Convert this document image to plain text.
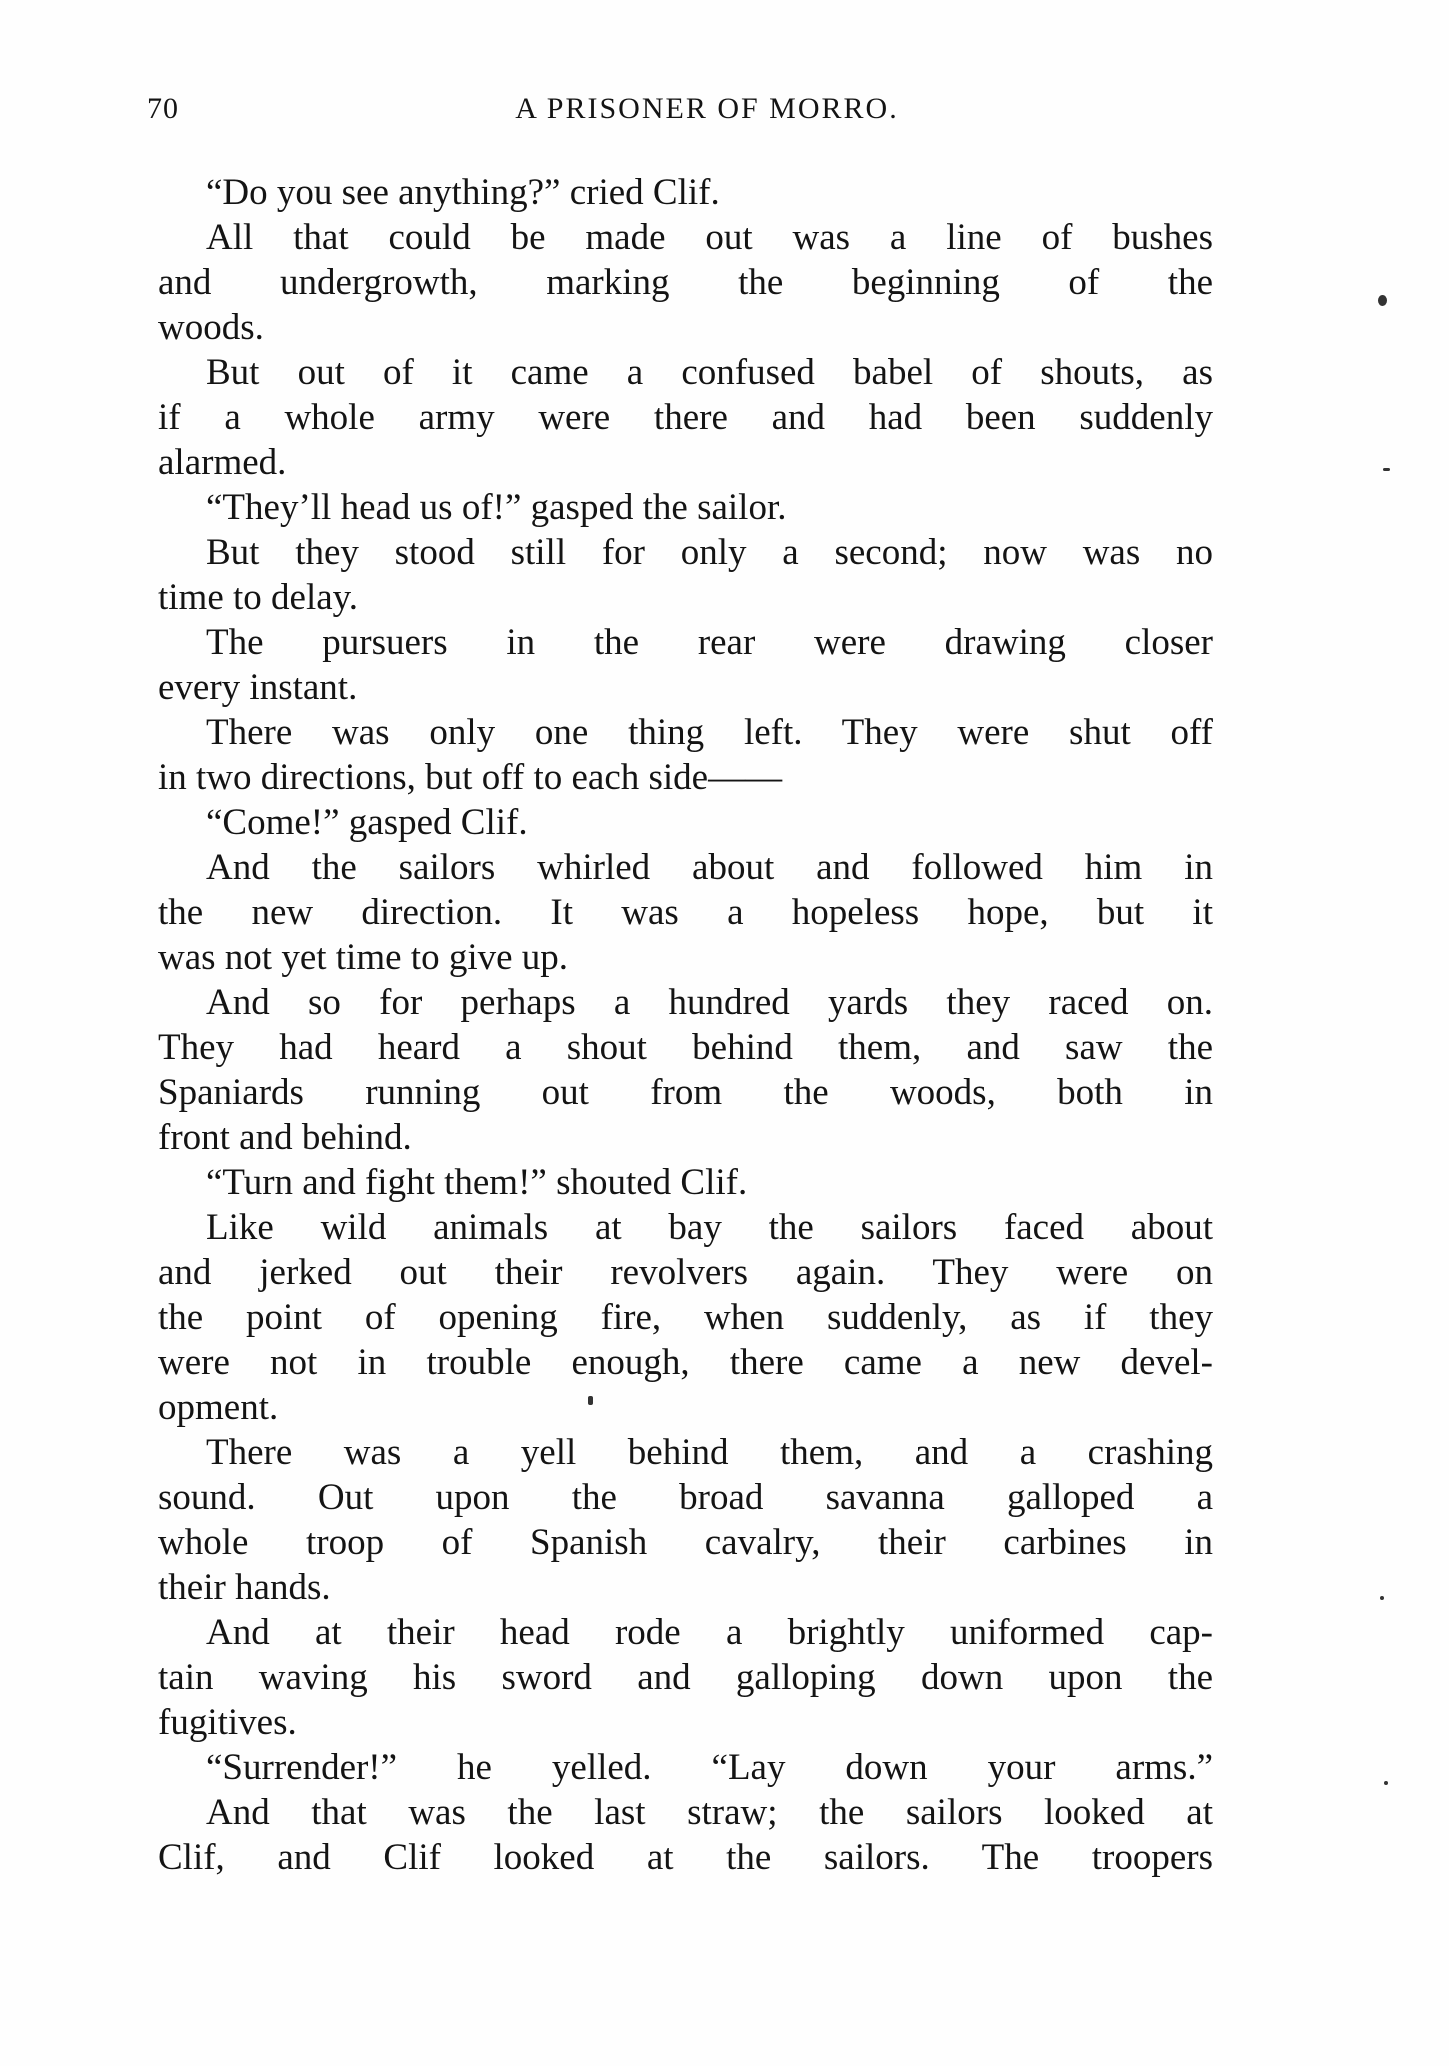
70	A PRISONER OF MORRO.
“Do you see anything?” cried Clif.
All that could be made out was a line of bushes
and undergrowth, marking the beginning of the
woods.
But out of it came a confused babel of shouts, as
if a whole army were there and had been suddenly
alarmed.
“They’ll head us of!” gasped the sailor.
But they stood still for only a second; now was no
time to delay.
The pursuers in the rear were drawing closer
every instant.
There was only one thing left. They were shut off
in two directions, but off to each side——
“Come!” gasped Clif.
And the sailors whirled about and followed him in
the new direction. It was a hopeless hope, but it
was not yet time to give up.
And so for perhaps a hundred yards they raced on.
They had heard a shout behind them, and saw the
Spaniards running out from the woods, both in
front and behind.
“Turn and fight them!” shouted Clif.
Like wild animals at bay the sailors faced about
and jerked out their revolvers again. They were on
the point of opening fire, when suddenly, as if they
were not in trouble enough, there came a new devel-
opment.
There was a yell behind them, and a crashing
sound. Out upon the broad savanna galloped a
whole troop of Spanish cavalry, their carbines in
their hands.
And at their head rode a brightly uniformed cap-
tain waving his sword and galloping down upon the
fugitives.
“Surrender!” he yelled. “Lay down your arms.”
And that was the last straw; the sailors looked at
Clif, and Clif looked at the sailors. The troopers
